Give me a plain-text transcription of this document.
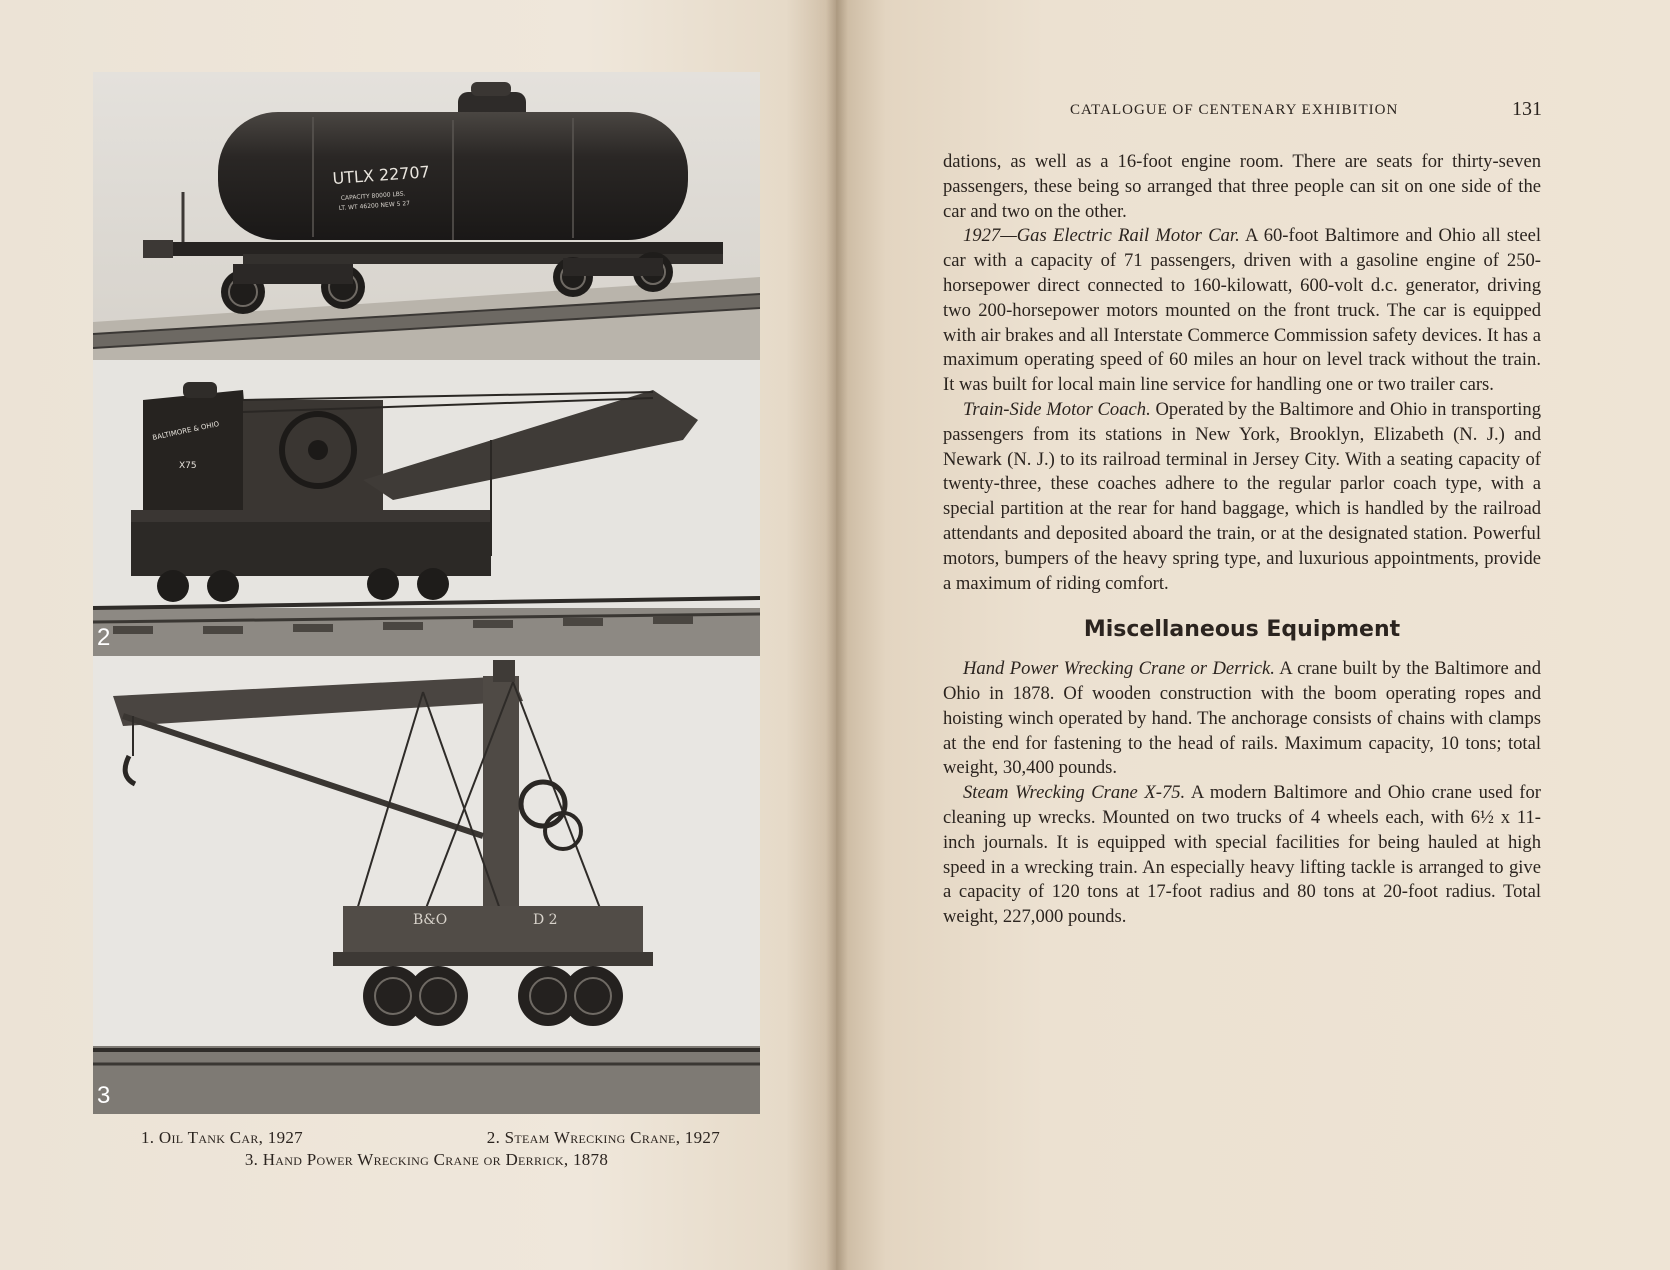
UTLX 22707
CAPACITY 80000 LBS.
LT. WT 46200 NEW 5 27
BALTIMORE & OHIO
X75
2
B&O	D 2
3
1. Oil Tank Car, 1927	2. Steam Wrecking Crane, 1927
3. Hand Power Wrecking Crane or Derrick, 1878
CATALOGUE OF CENTENARY EXHIBITION	131

dations, as well as a 16-foot engine room. There are seats for thirty-seven passengers, these being so arranged that three people can sit on one side of the car and two on the other.

1927—Gas Electric Rail Motor Car. A 60-foot Baltimore and Ohio all steel car with a capacity of 71 passengers, driven with a gasoline engine of 250-horsepower direct connected to 160-kilowatt, 600-volt d.c. generator, driving two 200-horsepower motors mounted on the front truck. The car is equipped with air brakes and all Interstate Commerce Commission safety devices. It has a maximum operating speed of 60 miles an hour on level track without the train. It was built for local main line service for handling one or two trailer cars.

Train-Side Motor Coach. Operated by the Baltimore and Ohio in transporting passengers from its stations in New York, Brooklyn, Elizabeth (N. J.) and Newark (N. J.) to its railroad terminal in Jersey City. With a seating capacity of twenty-three, these coaches adhere to the regular parlor coach type, with a special partition at the rear for hand baggage, which is handled by the railroad attendants and deposited aboard the train, or at the designated station. Powerful motors, bumpers of the heavy spring type, and luxurious appointments, provide a maximum of riding comfort.

Miscellaneous Equipment

Hand Power Wrecking Crane or Derrick. A crane built by the Baltimore and Ohio in 1878. Of wooden construction with the boom operating ropes and hoisting winch operated by hand. The anchorage consists of chains with clamps at the end for fastening to the head of rails. Maximum capacity, 10 tons; total weight, 30,400 pounds.

Steam Wrecking Crane X-75. A modern Baltimore and Ohio crane used for cleaning up wrecks. Mounted on two trucks of 4 wheels each, with 6½ x 11-inch journals. It is equipped with special facilities for being hauled at high speed in a wrecking train. An especially heavy lifting tackle is arranged to give a capacity of 120 tons at 17-foot radius and 80 tons at 20-foot radius. Total weight, 227,000 pounds.
